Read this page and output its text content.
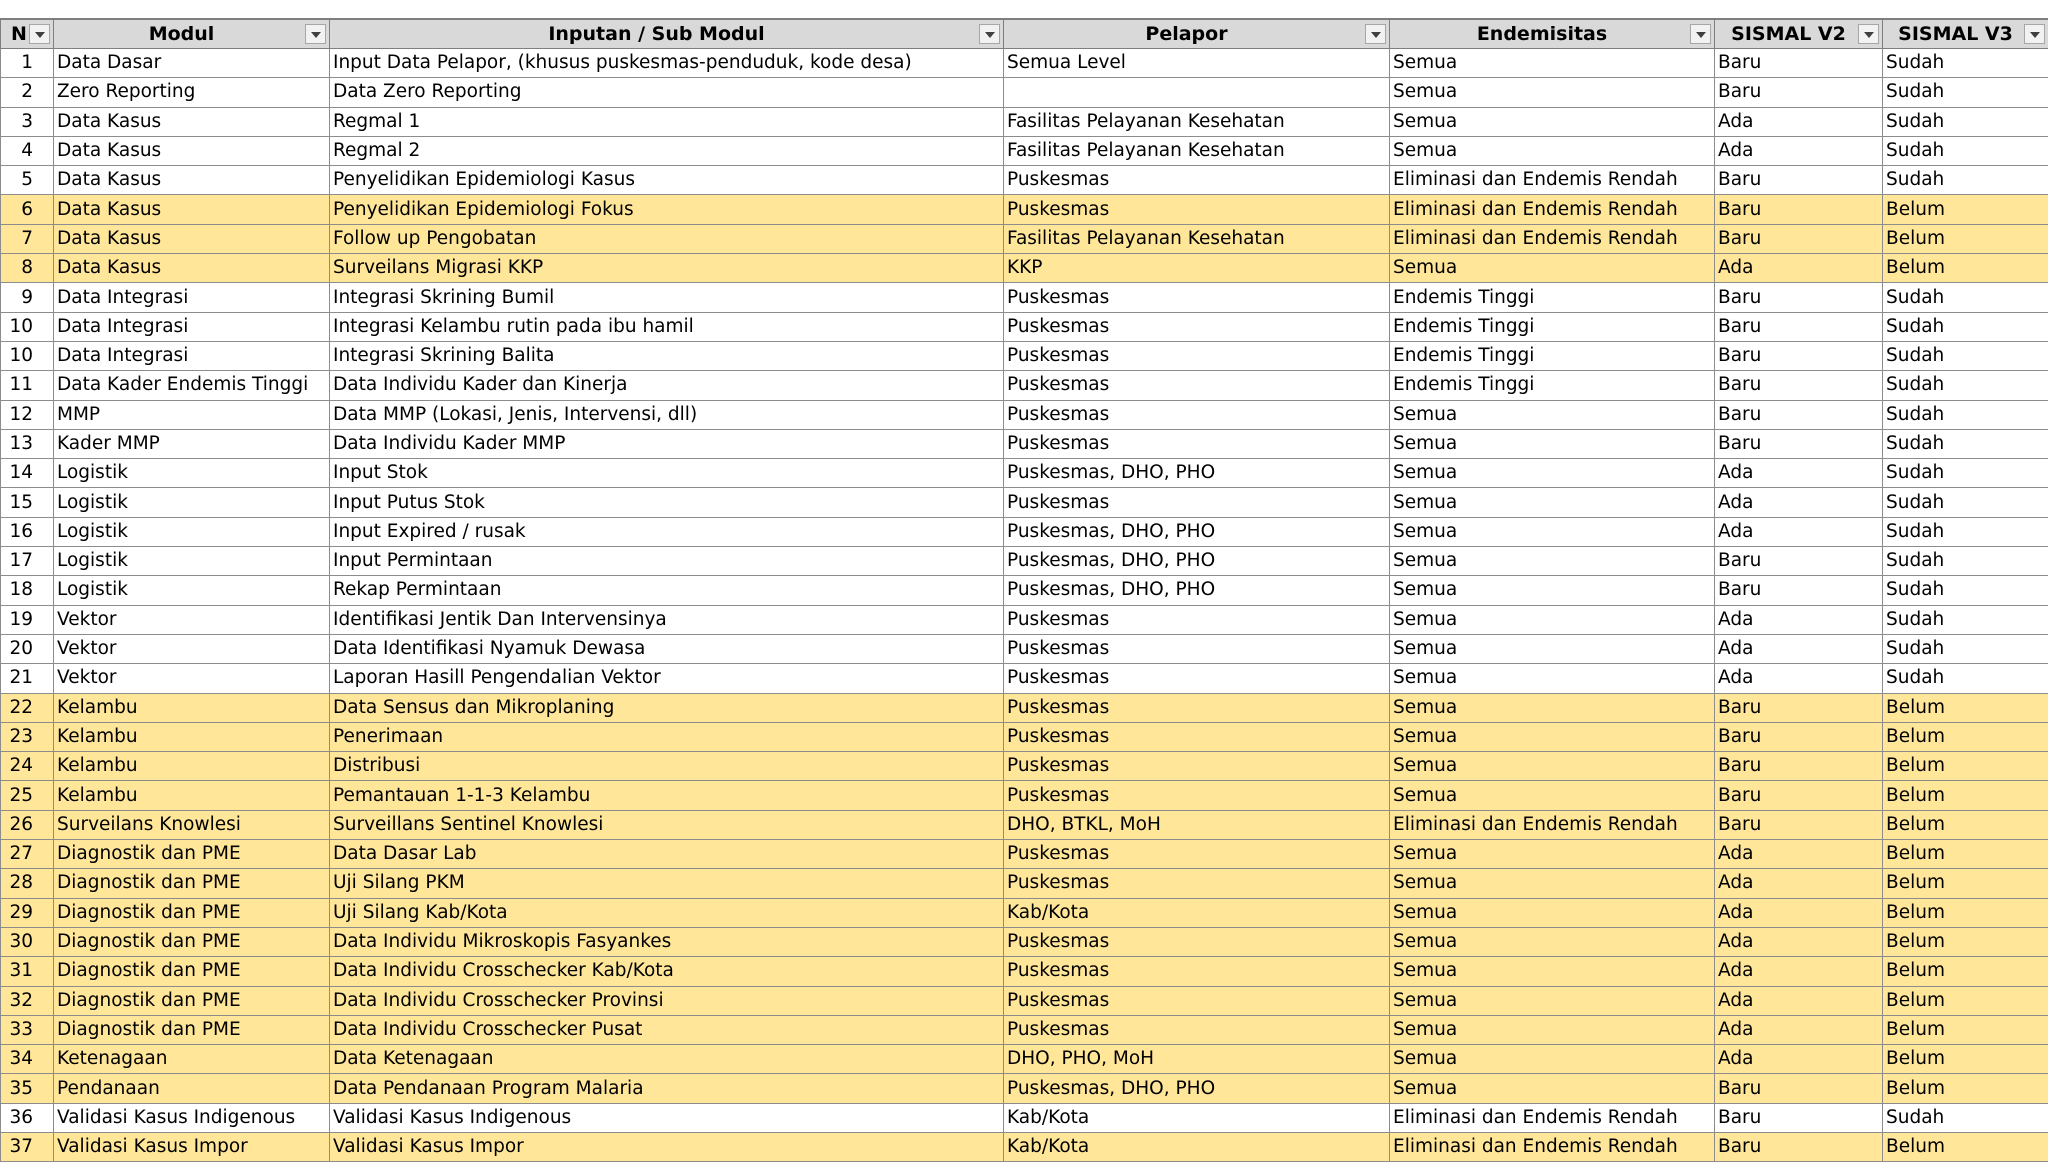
N	Modul	Inputan / Sub Modul	Pelapor	Endemisitas	SISMAL V2	SISMAL V3

1	Data Dasar	Input Data Pelapor, (khusus puskesmas-penduduk, kode desa)	Semua Level	Semua	Baru	Sudah
2	Zero Reporting	Data Zero Reporting		Semua	Baru	Sudah
3	Data Kasus	Regmal 1	Fasilitas Pelayanan Kesehatan	Semua	Ada	Sudah
4	Data Kasus	Regmal 2	Fasilitas Pelayanan Kesehatan	Semua	Ada	Sudah
5	Data Kasus	Penyelidikan Epidemiologi Kasus	Puskesmas	Eliminasi dan Endemis Rendah	Baru	Sudah
6	Data Kasus	Penyelidikan Epidemiologi Fokus	Puskesmas	Eliminasi dan Endemis Rendah	Baru	Belum
7	Data Kasus	Follow up Pengobatan	Fasilitas Pelayanan Kesehatan	Eliminasi dan Endemis Rendah	Baru	Belum
8	Data Kasus	Surveilans Migrasi KKP	KKP	Semua	Ada	Belum
9	Data Integrasi	Integrasi Skrining Bumil	Puskesmas	Endemis Tinggi	Baru	Sudah
10	Data Integrasi	Integrasi Kelambu rutin pada ibu hamil	Puskesmas	Endemis Tinggi	Baru	Sudah
10	Data Integrasi	Integrasi Skrining Balita	Puskesmas	Endemis Tinggi	Baru	Sudah
11	Data Kader Endemis Tinggi	Data Individu Kader dan Kinerja	Puskesmas	Endemis Tinggi	Baru	Sudah
12	MMP	Data MMP (Lokasi, Jenis, Intervensi, dll)	Puskesmas	Semua	Baru	Sudah
13	Kader MMP	Data Individu Kader MMP	Puskesmas	Semua	Baru	Sudah
14	Logistik	Input Stok	Puskesmas, DHO, PHO	Semua	Ada	Sudah
15	Logistik	Input Putus Stok	Puskesmas	Semua	Ada	Sudah
16	Logistik	Input Expired / rusak	Puskesmas, DHO, PHO	Semua	Ada	Sudah
17	Logistik	Input Permintaan	Puskesmas, DHO, PHO	Semua	Baru	Sudah
18	Logistik	Rekap Permintaan	Puskesmas, DHO, PHO	Semua	Baru	Sudah
19	Vektor	Identifikasi Jentik Dan Intervensinya	Puskesmas	Semua	Ada	Sudah
20	Vektor	Data Identifikasi Nyamuk Dewasa	Puskesmas	Semua	Ada	Sudah
21	Vektor	Laporan Hasill Pengendalian Vektor	Puskesmas	Semua	Ada	Sudah
22	Kelambu	Data Sensus dan Mikroplaning	Puskesmas	Semua	Baru	Belum
23	Kelambu	Penerimaan	Puskesmas	Semua	Baru	Belum
24	Kelambu	Distribusi	Puskesmas	Semua	Baru	Belum
25	Kelambu	Pemantauan 1-1-3 Kelambu	Puskesmas	Semua	Baru	Belum
26	Surveilans Knowlesi	Surveillans Sentinel Knowlesi	DHO, BTKL, MoH	Eliminasi dan Endemis Rendah	Baru	Belum
27	Diagnostik dan PME	Data Dasar Lab	Puskesmas	Semua	Ada	Belum
28	Diagnostik dan PME	Uji Silang PKM	Puskesmas	Semua	Ada	Belum
29	Diagnostik dan PME	Uji Silang Kab/Kota	Kab/Kota	Semua	Ada	Belum
30	Diagnostik dan PME	Data Individu Mikroskopis Fasyankes	Puskesmas	Semua	Ada	Belum
31	Diagnostik dan PME	Data Individu Crosschecker Kab/Kota	Puskesmas	Semua	Ada	Belum
32	Diagnostik dan PME	Data Individu Crosschecker Provinsi	Puskesmas	Semua	Ada	Belum
33	Diagnostik dan PME	Data Individu Crosschecker Pusat	Puskesmas	Semua	Ada	Belum
34	Ketenagaan	Data Ketenagaan	DHO, PHO, MoH	Semua	Ada	Belum
35	Pendanaan	Data Pendanaan Program Malaria	Puskesmas, DHO, PHO	Semua	Baru	Belum
36	Validasi Kasus Indigenous	Validasi Kasus Indigenous	Kab/Kota	Eliminasi dan Endemis Rendah	Baru	Sudah
37	Validasi Kasus Impor	Validasi Kasus Impor	Kab/Kota	Eliminasi dan Endemis Rendah	Baru	Belum
